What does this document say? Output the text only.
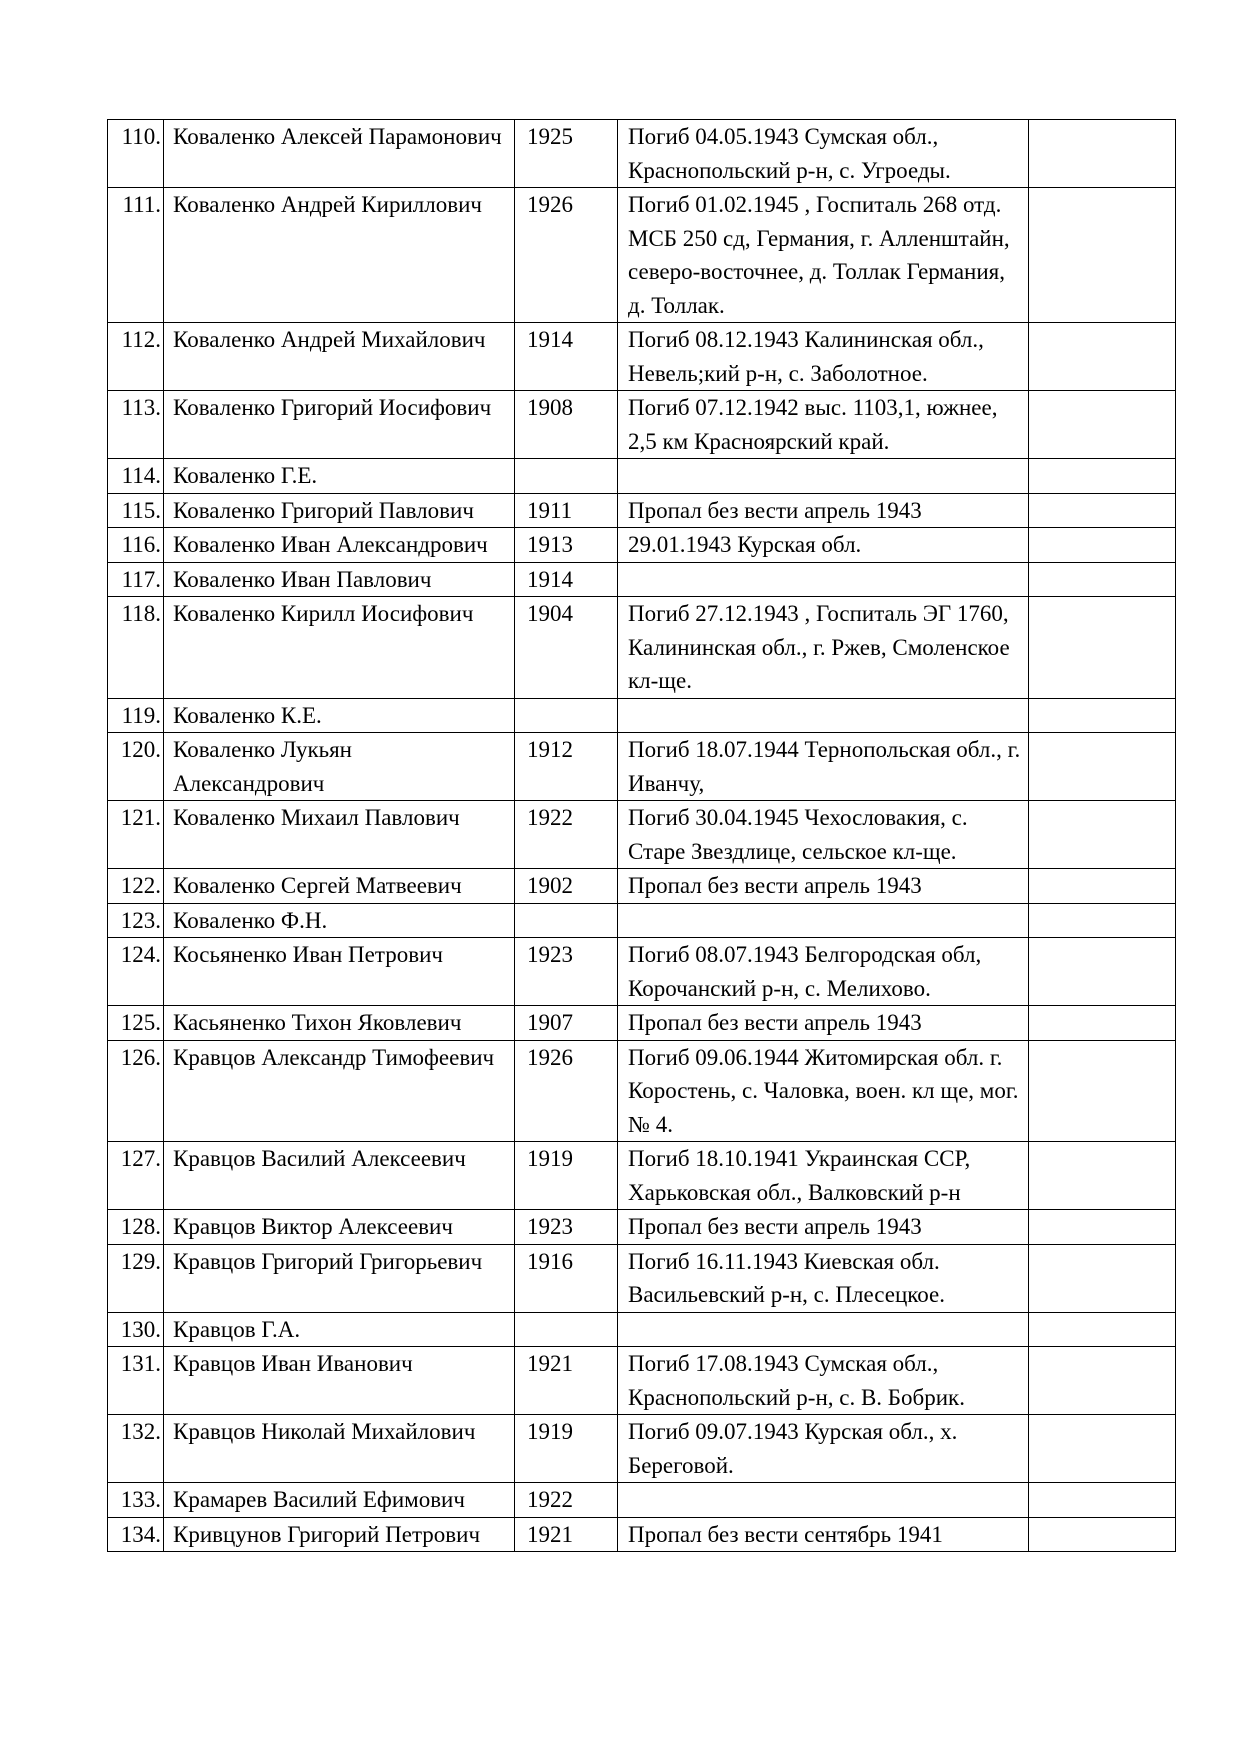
110.	Коваленко Алексей Парамонович	1925	Погиб 04.05.1943 Сумская обл., Краснопольский р-н, с. Угроеды.	
111.	Коваленко Андрей Кириллович	1926	Погиб 01.02.1945 , Госпиталь 268 отд. МСБ 250 сд, Германия, г. Алленштайн, северо-восточнее, д. Толлак Германия, д. Толлак.	
112.	Коваленко Андрей Михайлович	1914	Погиб 08.12.1943 Калининская обл., Невель;кий р-н, с. Заболотное.	
113.	Коваленко Григорий Иосифович	1908	Погиб 07.12.1942 выс. 1103,1, южнее, 2,5 км Красноярский край.	
114.	Коваленко Г.Е.			
115.	Коваленко Григорий Павлович	1911	Пропал без вести апрель 1943	
116.	Коваленко Иван Александрович	1913	29.01.1943 Курская обл.	
117.	Коваленко Иван Павлович	1914		
118.	Коваленко Кирилл Иосифович	1904	Погиб 27.12.1943 , Госпиталь ЭГ 1760, Калининская обл., г. Ржев, Смоленское кл-ще.	
119.	Коваленко К.Е.			
120.	Коваленко Лукьян Александрович	1912	Погиб 18.07.1944 Тернопольская обл., г. Иванчу,	
121.	Коваленко Михаил Павлович	1922	Погиб 30.04.1945 Чехословакия, с. Старе Звездлице, сельское кл-ще.	
122.	Коваленко Сергей Матвеевич	1902	Пропал без вести апрель 1943	
123.	Коваленко Ф.Н.			
124.	Косьяненко Иван Петрович	1923	Погиб 08.07.1943 Белгородская обл, Корочанский р-н, с. Мелихово.	
125.	Касьяненко Тихон Яковлевич	1907	Пропал без вести апрель 1943	
126.	Кравцов Александр Тимофеевич	1926	Погиб 09.06.1944 Житомирская обл. г. Коростень, с. Чаловка, воен. кл ще, мог. № 4.	
127.	Кравцов Василий Алексеевич	1919	Погиб 18.10.1941 Украинская ССР, Харьковская обл., Валковский р-н	
128.	Кравцов Виктор Алексеевич	1923	Пропал без вести апрель 1943	
129.	Кравцов Григорий Григорьевич	1916	Погиб 16.11.1943 Киевская обл. Васильевский р-н, с. Плесецкое.	
130.	Кравцов Г.А.			
131.	Кравцов Иван Иванович	1921	Погиб 17.08.1943 Сумская обл., Краснопольский р-н, с. В. Бобрик.	
132.	Кравцов Николай Михайлович	1919	Погиб 09.07.1943 Курская обл., х. Береговой.	
133.	Крамарев Василий Ефимович	1922		
134.	Кривцунов Григорий Петрович	1921	Пропал без вести сентябрь 1941	
